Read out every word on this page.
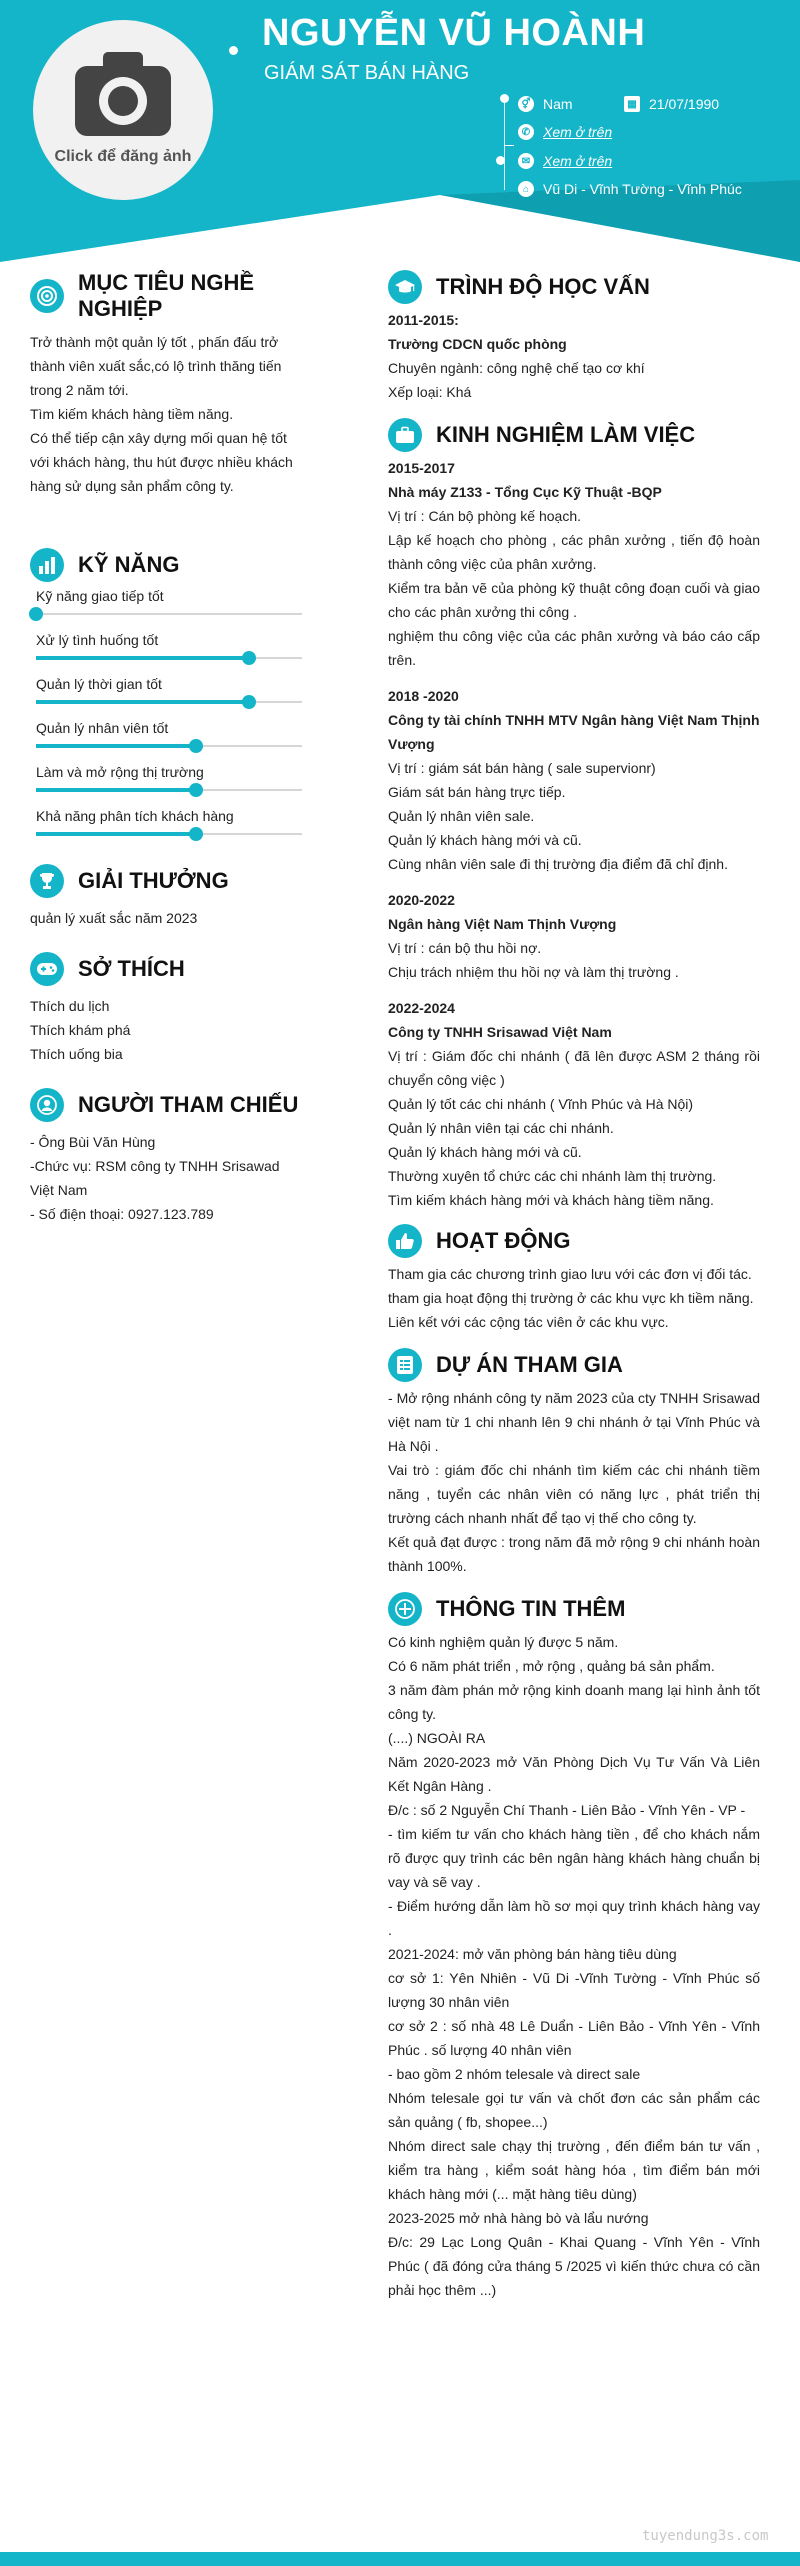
Click để đăng ảnh
NGUYỄN VŨ HOÀNH
GIÁM SÁT BÁN HÀNG
⚥ Nam	▦ 21/07/1990
✆ Xem ở trên
✉ Xem ở trên
⌂ Vũ Di - Vĩnh Tường - Vĩnh Phúc
MỤC TIÊU NGHỀ NGHIỆP
Trở thành một quản lý tốt , phấn đấu trở thành viên xuất sắc,có lộ trình thăng tiến trong 2 năm tới.
Tìm kiếm khách hàng tiềm năng.
Có thể tiếp cận xây dựng mối quan hệ tốt với khách hàng, thu hút được nhiều khách hàng sử dụng sản phẩm công ty.
KỸ NĂNG
Kỹ năng giao tiếp tốt
Xử lý tình huống tốt
Quản lý thời gian tốt
Quản lý nhân viên tốt
Làm và mở rộng thị trường
Khả năng phân tích khách hàng
GIẢI THƯỞNG
quản lý xuất sắc năm 2023
SỞ THÍCH
Thích du lịch
Thích khám phá
Thích uống bia
NGƯỜI THAM CHIẾU
- Ông Bùi Văn Hùng
-Chức vụ: RSM công ty TNHH Srisawad Việt Nam
- Số điện thoại: 0927.123.789
TRÌNH ĐỘ HỌC VẤN
2011-2015:
Trường CDCN quốc phòng
Chuyên ngành: công nghệ chế tạo cơ khí
Xếp loại: Khá
KINH NGHIỆM LÀM VIỆC
2015-2017
Nhà máy Z133 - Tổng Cục Kỹ Thuật -BQP
Vị trí : Cán bộ phòng kế hoạch.
Lập kế hoạch cho phòng , các phân xưởng , tiến độ hoàn thành công việc của phân xưởng.
Kiểm tra bản vẽ của phòng kỹ thuật công đoạn cuối và giao cho các phân xưởng thi công .
nghiệm thu công việc của các phân xưởng và báo cáo cấp trên.
2018 -2020
Công ty tài chính TNHH MTV Ngân hàng Việt Nam Thịnh Vượng
Vị trí : giám sát bán hàng ( sale supervionr)
Giám sát bán hàng trực tiếp.
Quản lý nhân viên sale.
Quản lý khách hàng mới và cũ.
Cùng nhân viên sale đi thị trường địa điểm đã chỉ định.
2020-2022
Ngân hàng Việt Nam Thịnh Vượng
Vị trí : cán bộ thu hồi nợ.
Chịu trách nhiệm thu hồi nợ và làm thị trường .
2022-2024
Công ty TNHH Srisawad Việt Nam
Vị trí : Giám đốc chi nhánh ( đã lên được ASM 2 tháng rồi chuyển công việc )
Quản lý tốt các chi nhánh ( Vĩnh Phúc và Hà Nội)
Quản lý nhân viên tại các chi nhánh.
Quản lý khách hàng mới và cũ.
Thường xuyên tổ chức các chi nhánh làm thị trường.
Tìm kiếm khách hàng mới và khách hàng tiềm năng.
HOẠT ĐỘNG
Tham gia các chương trình giao lưu với các đơn vị đối tác.
tham gia hoạt động thị trường ở các khu vực kh tiềm năng.
Liên kết với các cộng tác viên ở các khu vực.
DỰ ÁN THAM GIA
- Mở rộng nhánh công ty năm 2023 của cty TNHH Srisawad việt nam từ 1 chi nhanh lên 9 chi nhánh ở tại Vĩnh Phúc và Hà Nội .
Vai trò : giám đốc chi nhánh tìm kiếm các chi nhánh tiềm năng , tuyển các nhân viên có năng lực , phát triển thị trường cách nhanh nhất để tạo vị thế cho công ty.
Kết quả đạt được : trong năm đã mở rộng 9 chi nhánh hoàn thành 100%.
THÔNG TIN THÊM
Có kinh nghiệm quản lý được 5 năm.
Có 6 năm phát triển , mở rộng , quảng bá sản phẩm.
3 năm đàm phán mở rộng kinh doanh mang lại hình ảnh tốt công ty.
(....) NGOÀI RA
Năm 2020-2023 mở Văn Phòng Dịch Vụ Tư Vấn Và Liên Kết Ngân Hàng .
Đ/c : số 2 Nguyễn Chí Thanh - Liên Bảo - Vĩnh Yên - VP -
- tìm kiếm tư vấn cho khách hàng tiền , để cho khách nắm rõ được quy trình các bên ngân hàng khách hàng chuẩn bị vay và sẽ vay .
- Điểm hướng dẫn làm hồ sơ mọi quy trình khách hàng vay .
2021-2024: mở văn phòng bán hàng tiêu dùng
cơ sở 1: Yên Nhiên - Vũ Di -Vĩnh Tường - Vĩnh Phúc số lượng 30 nhân viên
cơ sở 2 : số nhà 48 Lê Duẩn - Liên Bảo - Vĩnh Yên - Vĩnh Phúc . số lượng 40 nhân viên
- bao gồm 2 nhóm telesale và direct sale
Nhóm telesale gọi tư vấn và chốt đơn các sản phẩm các sản quảng ( fb, shopee...)
Nhóm direct sale chạy thị trường , đến điểm bán tư vấn , kiểm tra hàng , kiểm soát hàng hóa , tìm điểm bán mới khách hàng mới (... mặt hàng tiêu dùng)
2023-2025 mở nhà hàng bò và lẩu nướng
Đ/c: 29 Lạc Long Quân - Khai Quang - Vĩnh Yên - Vĩnh Phúc ( đã đóng cửa tháng 5 /2025 vì kiến thức chưa có cần phải học thêm ...)
tuyendung3s.com
